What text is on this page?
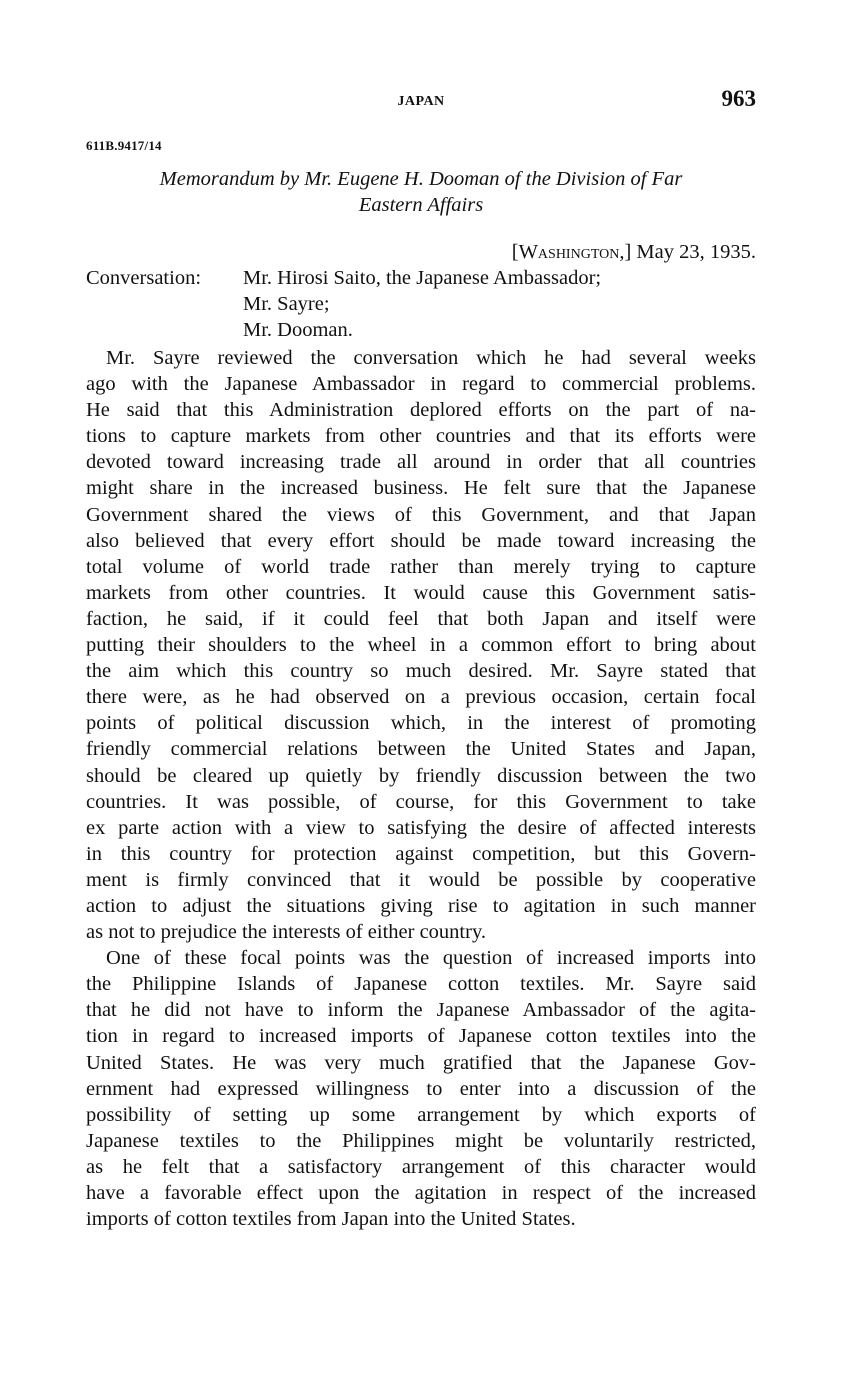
JAPAN	963
611B.9417/14
Memorandum by Mr. Eugene H. Dooman of the Division of Far
Eastern Affairs
[Washington,] May 23, 1935.
Conversation:	Mr. Hirosi Saito, the Japanese Ambassador;
Mr. Sayre;
Mr. Dooman.
Mr. Sayre reviewed the conversation which he had several weeks
ago with the Japanese Ambassador in regard to commercial problems.
He said that this Administration deplored efforts on the part of na-
tions to capture markets from other countries and that its efforts were
devoted toward increasing trade all around in order that all countries
might share in the increased business. He felt sure that the Japanese
Government shared the views of this Government, and that Japan
also believed that every effort should be made toward increasing the
total volume of world trade rather than merely trying to capture
markets from other countries. It would cause this Government satis-
faction, he said, if it could feel that both Japan and itself were
putting their shoulders to the wheel in a common effort to bring about
the aim which this country so much desired. Mr. Sayre stated that
there were, as he had observed on a previous occasion, certain focal
points of political discussion which, in the interest of promoting
friendly commercial relations between the United States and Japan,
should be cleared up quietly by friendly discussion between the two
countries. It was possible, of course, for this Government to take
ex parte action with a view to satisfying the desire of affected interests
in this country for protection against competition, but this Govern-
ment is firmly convinced that it would be possible by cooperative
action to adjust the situations giving rise to agitation in such manner
as not to prejudice the interests of either country.
One of these focal points was the question of increased imports into
the Philippine Islands of Japanese cotton textiles. Mr. Sayre said
that he did not have to inform the Japanese Ambassador of the agita-
tion in regard to increased imports of Japanese cotton textiles into the
United States. He was very much gratified that the Japanese Gov-
ernment had expressed willingness to enter into a discussion of the
possibility of setting up some arrangement by which exports of
Japanese textiles to the Philippines might be voluntarily restricted,
as he felt that a satisfactory arrangement of this character would
have a favorable effect upon the agitation in respect of the increased
imports of cotton textiles from Japan into the United States.
